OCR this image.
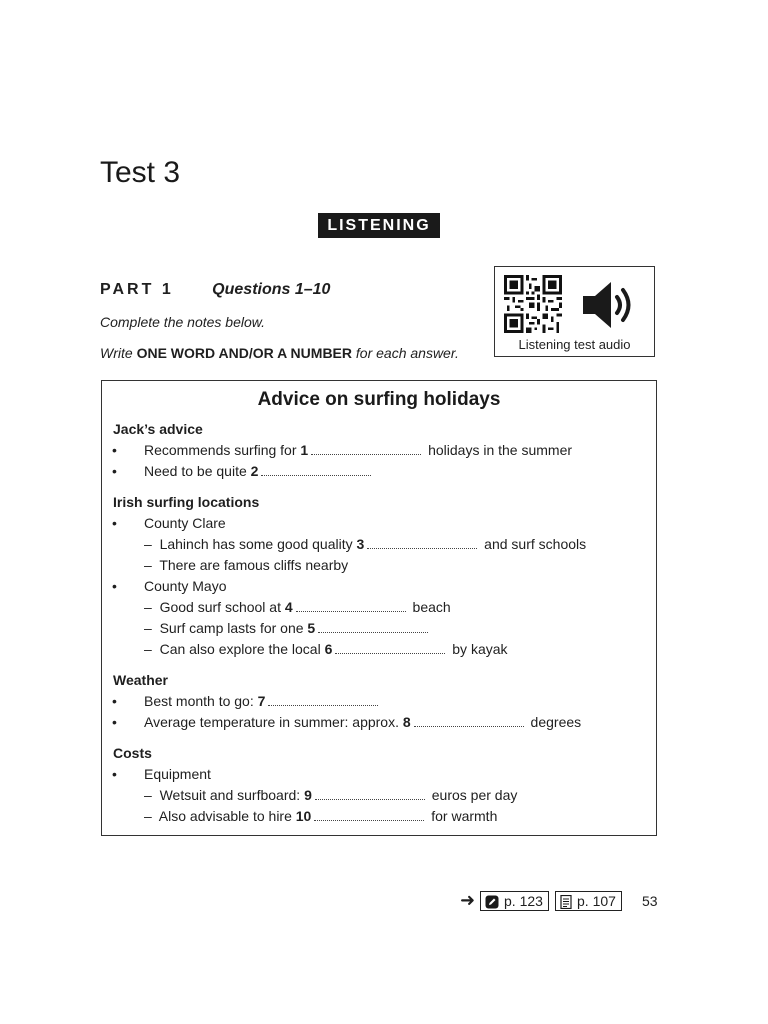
Test 3
LISTENING
PART 1 Questions 1–10
Complete the notes below.
Write ONE WORD AND/OR A NUMBER for each answer.
Listening test audio
Advice on surfing holidays
Jack’s advice
• Recommends surfing for 1	holidays in the summer
• Need to be quite 2
Irish surfing locations
• County Clare
–  Lahinch has some good quality 3	and surf schools
–  There are famous cliffs nearby
• County Mayo
–  Good surf school at 4	beach
–  Surf camp lasts for one 5
–  Can also explore the local 6	by kayak
Weather
• Best month to go: 7
• Average temperature in summer: approx. 8	degrees
Costs
• Equipment
–  Wetsuit and surfboard: 9	euros per day
–  Also advisable to hire 10	for warmth
➜	p. 123	p. 107	53
